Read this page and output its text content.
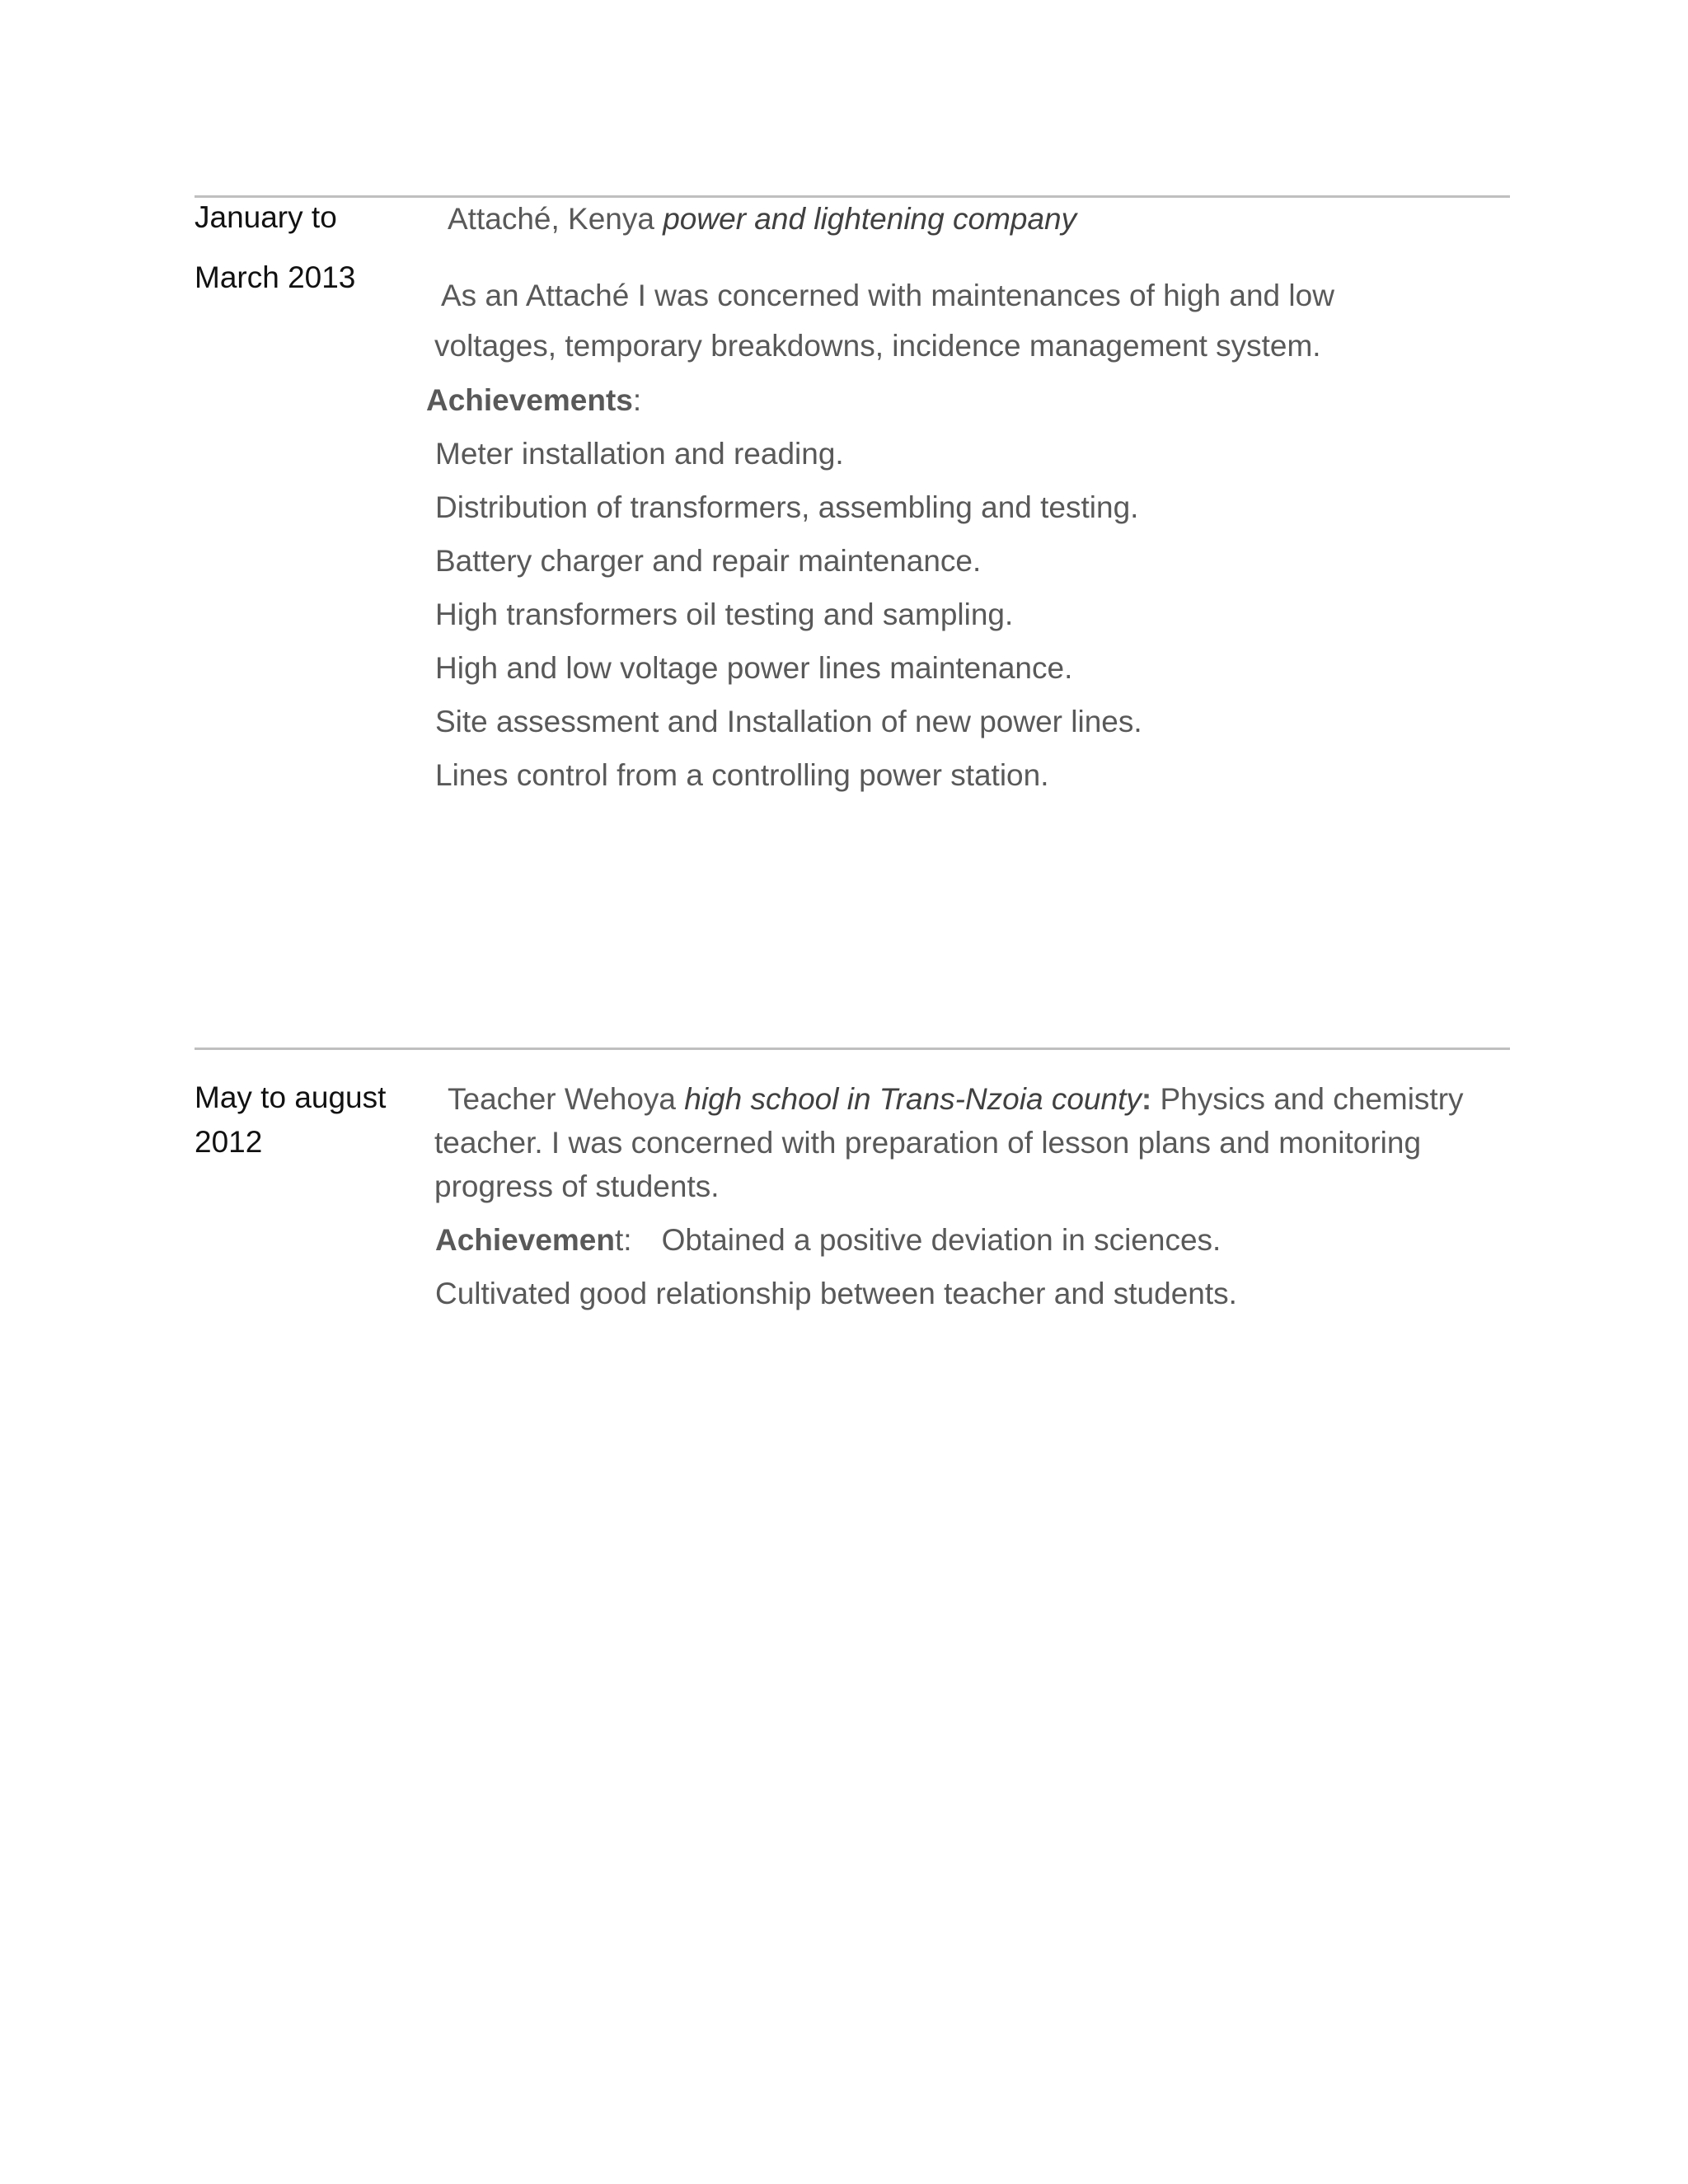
January to
March 2013
Attaché, Kenya power and lightening company
As an Attaché I was concerned with maintenances of high and low
voltages, temporary breakdowns, incidence management system.
Achievements:
Meter installation and reading.
Distribution of transformers, assembling and testing.
Battery charger and repair maintenance.
High transformers oil testing and sampling.
High and low voltage power lines maintenance.
Site assessment and Installation of new power lines.
Lines control from a controlling power station.
May to august
2012
Teacher Wehoya high school in Trans-Nzoia county: Physics and chemistry
teacher. I was concerned with preparation of lesson plans and monitoring
progress of students.
Achievement: Obtained a positive deviation in sciences.
Cultivated good relationship between teacher and students.
